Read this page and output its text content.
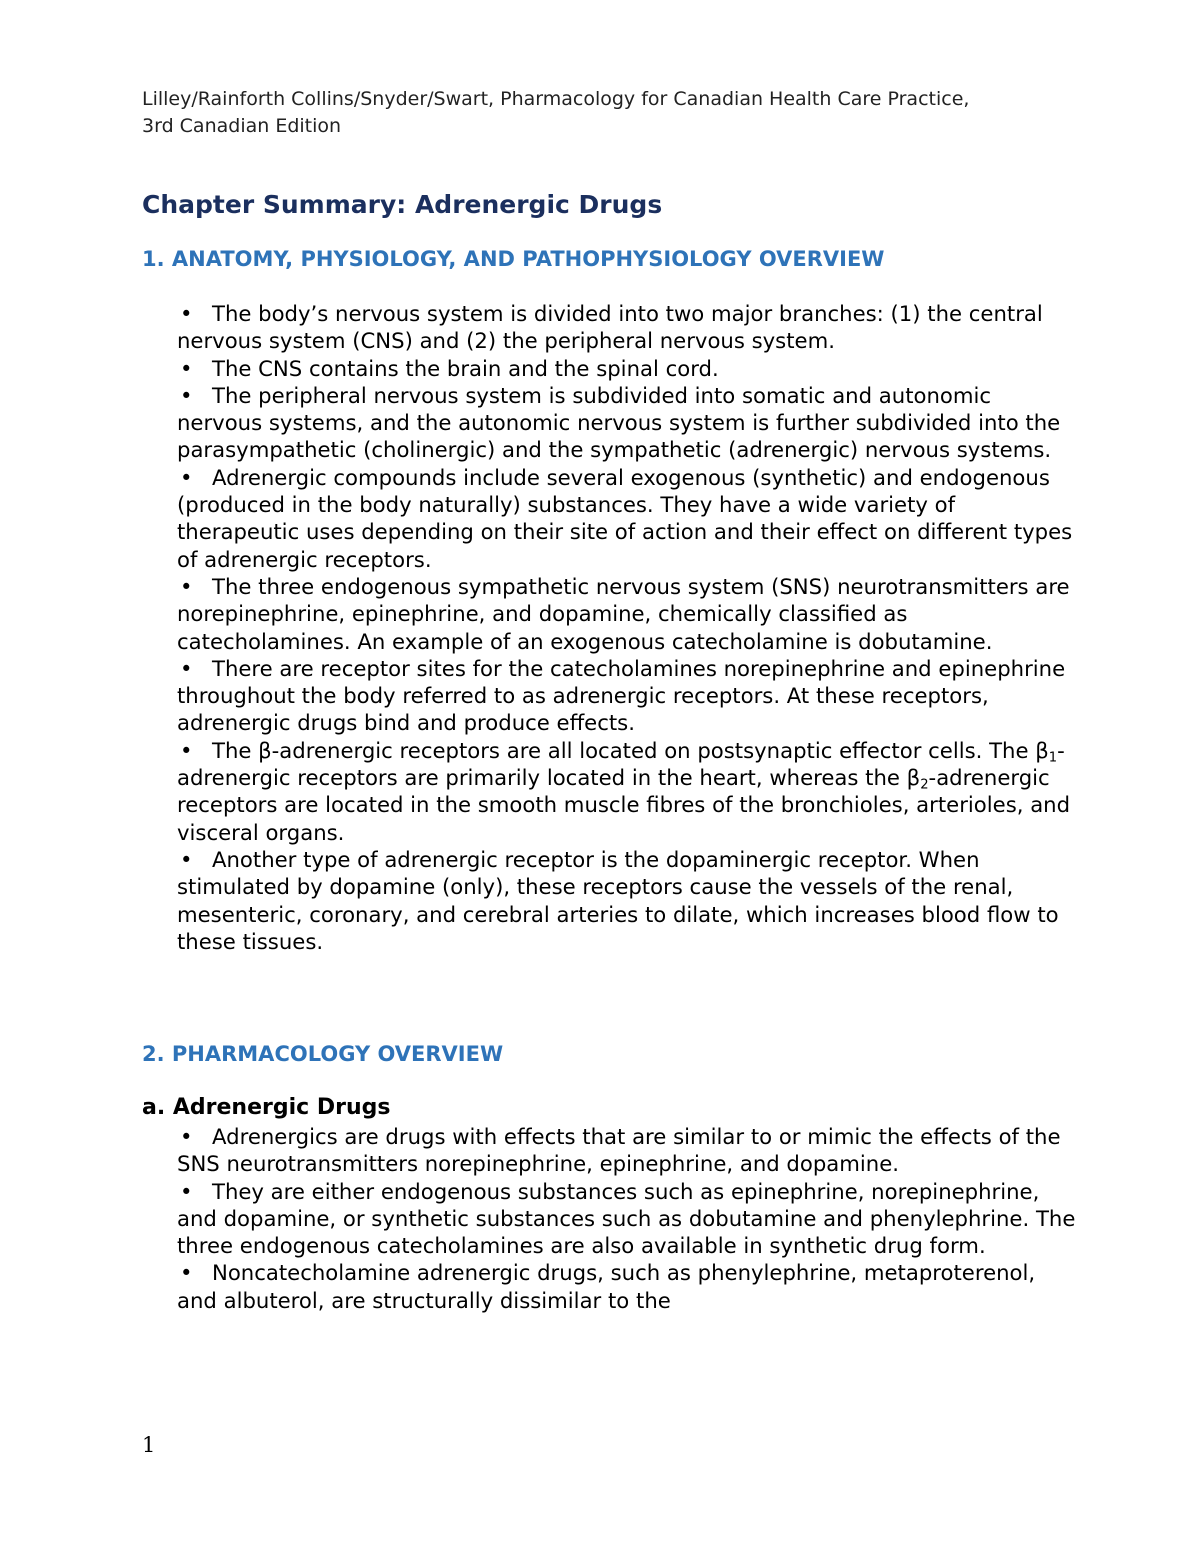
Lilley/Rainforth Collins/Snyder/Swart, Pharmacology for Canadian Health Care Practice,
3rd Canadian Edition
Chapter Summary: Adrenergic Drugs
1. ANATOMY, PHYSIOLOGY, AND PATHOPHYSIOLOGY OVERVIEW
• The body’s nervous system is divided into two major branches: (1) the central nervous system (CNS) and (2) the peripheral nervous system.
• The CNS contains the brain and the spinal cord.
• The peripheral nervous system is subdivided into somatic and autonomic nervous systems, and the autonomic nervous system is further subdivided into the parasympathetic (cholinergic) and the sympathetic (adrenergic) nervous systems.
• Adrenergic compounds include several exogenous (synthetic) and endogenous (produced in the body naturally) substances. They have a wide variety of therapeutic uses depending on their site of action and their effect on different types of adrenergic receptors.
• The three endogenous sympathetic nervous system (SNS) neurotransmitters are norepinephrine, epinephrine, and dopamine, chemically classified as catecholamines. An example of an exogenous catecholamine is dobutamine.
• There are receptor sites for the catecholamines norepinephrine and epinephrine throughout the body referred to as adrenergic receptors. At these receptors, adrenergic drugs bind and produce effects.
• The β-adrenergic receptors are all located on postsynaptic effector cells. The $\beta_1$-adrenergic receptors are primarily located in the heart, whereas the $\beta_2$-adrenergic receptors are located in the smooth muscle fibres of the bronchioles, arterioles, and visceral organs.
• Another type of adrenergic receptor is the dopaminergic receptor. When stimulated by dopamine (only), these receptors cause the vessels of the renal, mesenteric, coronary, and cerebral arteries to dilate, which increases blood flow to these tissues.
2. PHARMACOLOGY OVERVIEW
a. Adrenergic Drugs
• Adrenergics are drugs with effects that are similar to or mimic the effects of the SNS neurotransmitters norepinephrine, epinephrine, and dopamine.
• They are either endogenous substances such as epinephrine, norepinephrine, and dopamine, or synthetic substances such as dobutamine and phenylephrine. The three endogenous catecholamines are also available in synthetic drug form.
• Noncatecholamine adrenergic drugs, such as phenylephrine, metaproterenol, and albuterol, are structurally dissimilar to the
1
